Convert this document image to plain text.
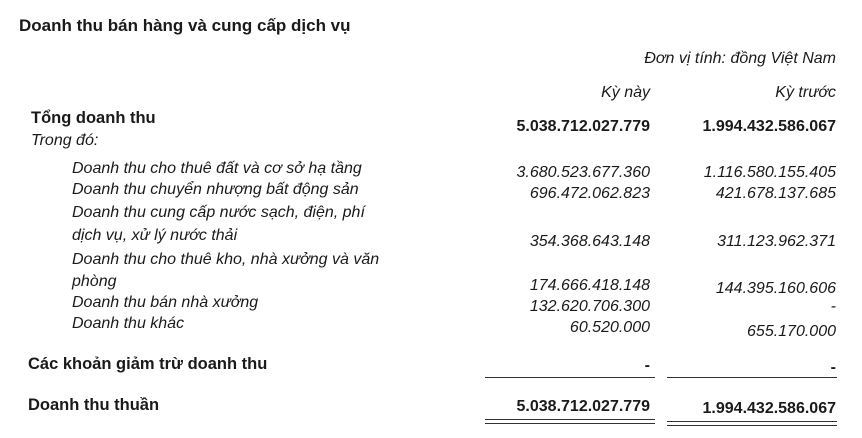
Doanh thu bán hàng và cung cấp dịch vụ
Đơn vị tính: đồng Việt Nam
Kỳ này	Kỳ trước
Tổng doanh thu	5.038.712.027.779	1.994.432.586.067
Trong đó:
Doanh thu cho thuê đất và cơ sở hạ tầng	3.680.523.677.360	1.116.580.155.405
Doanh thu chuyển nhượng bất động sản	696.472.062.823	421.678.137.685
Doanh thu cung cấp nước sạch, điện, phí
dịch vụ, xử lý nước thải	354.368.643.148	311.123.962.371
Doanh thu cho thuê kho, nhà xưởng và văn
phòng	174.666.418.148	144.395.160.606
Doanh thu bán nhà xưởng	132.620.706.300	-
Doanh thu khác	60.520.000	655.170.000
Các khoản giảm trừ doanh thu	-	-
Doanh thu thuần	5.038.712.027.779	1.994.432.586.067
